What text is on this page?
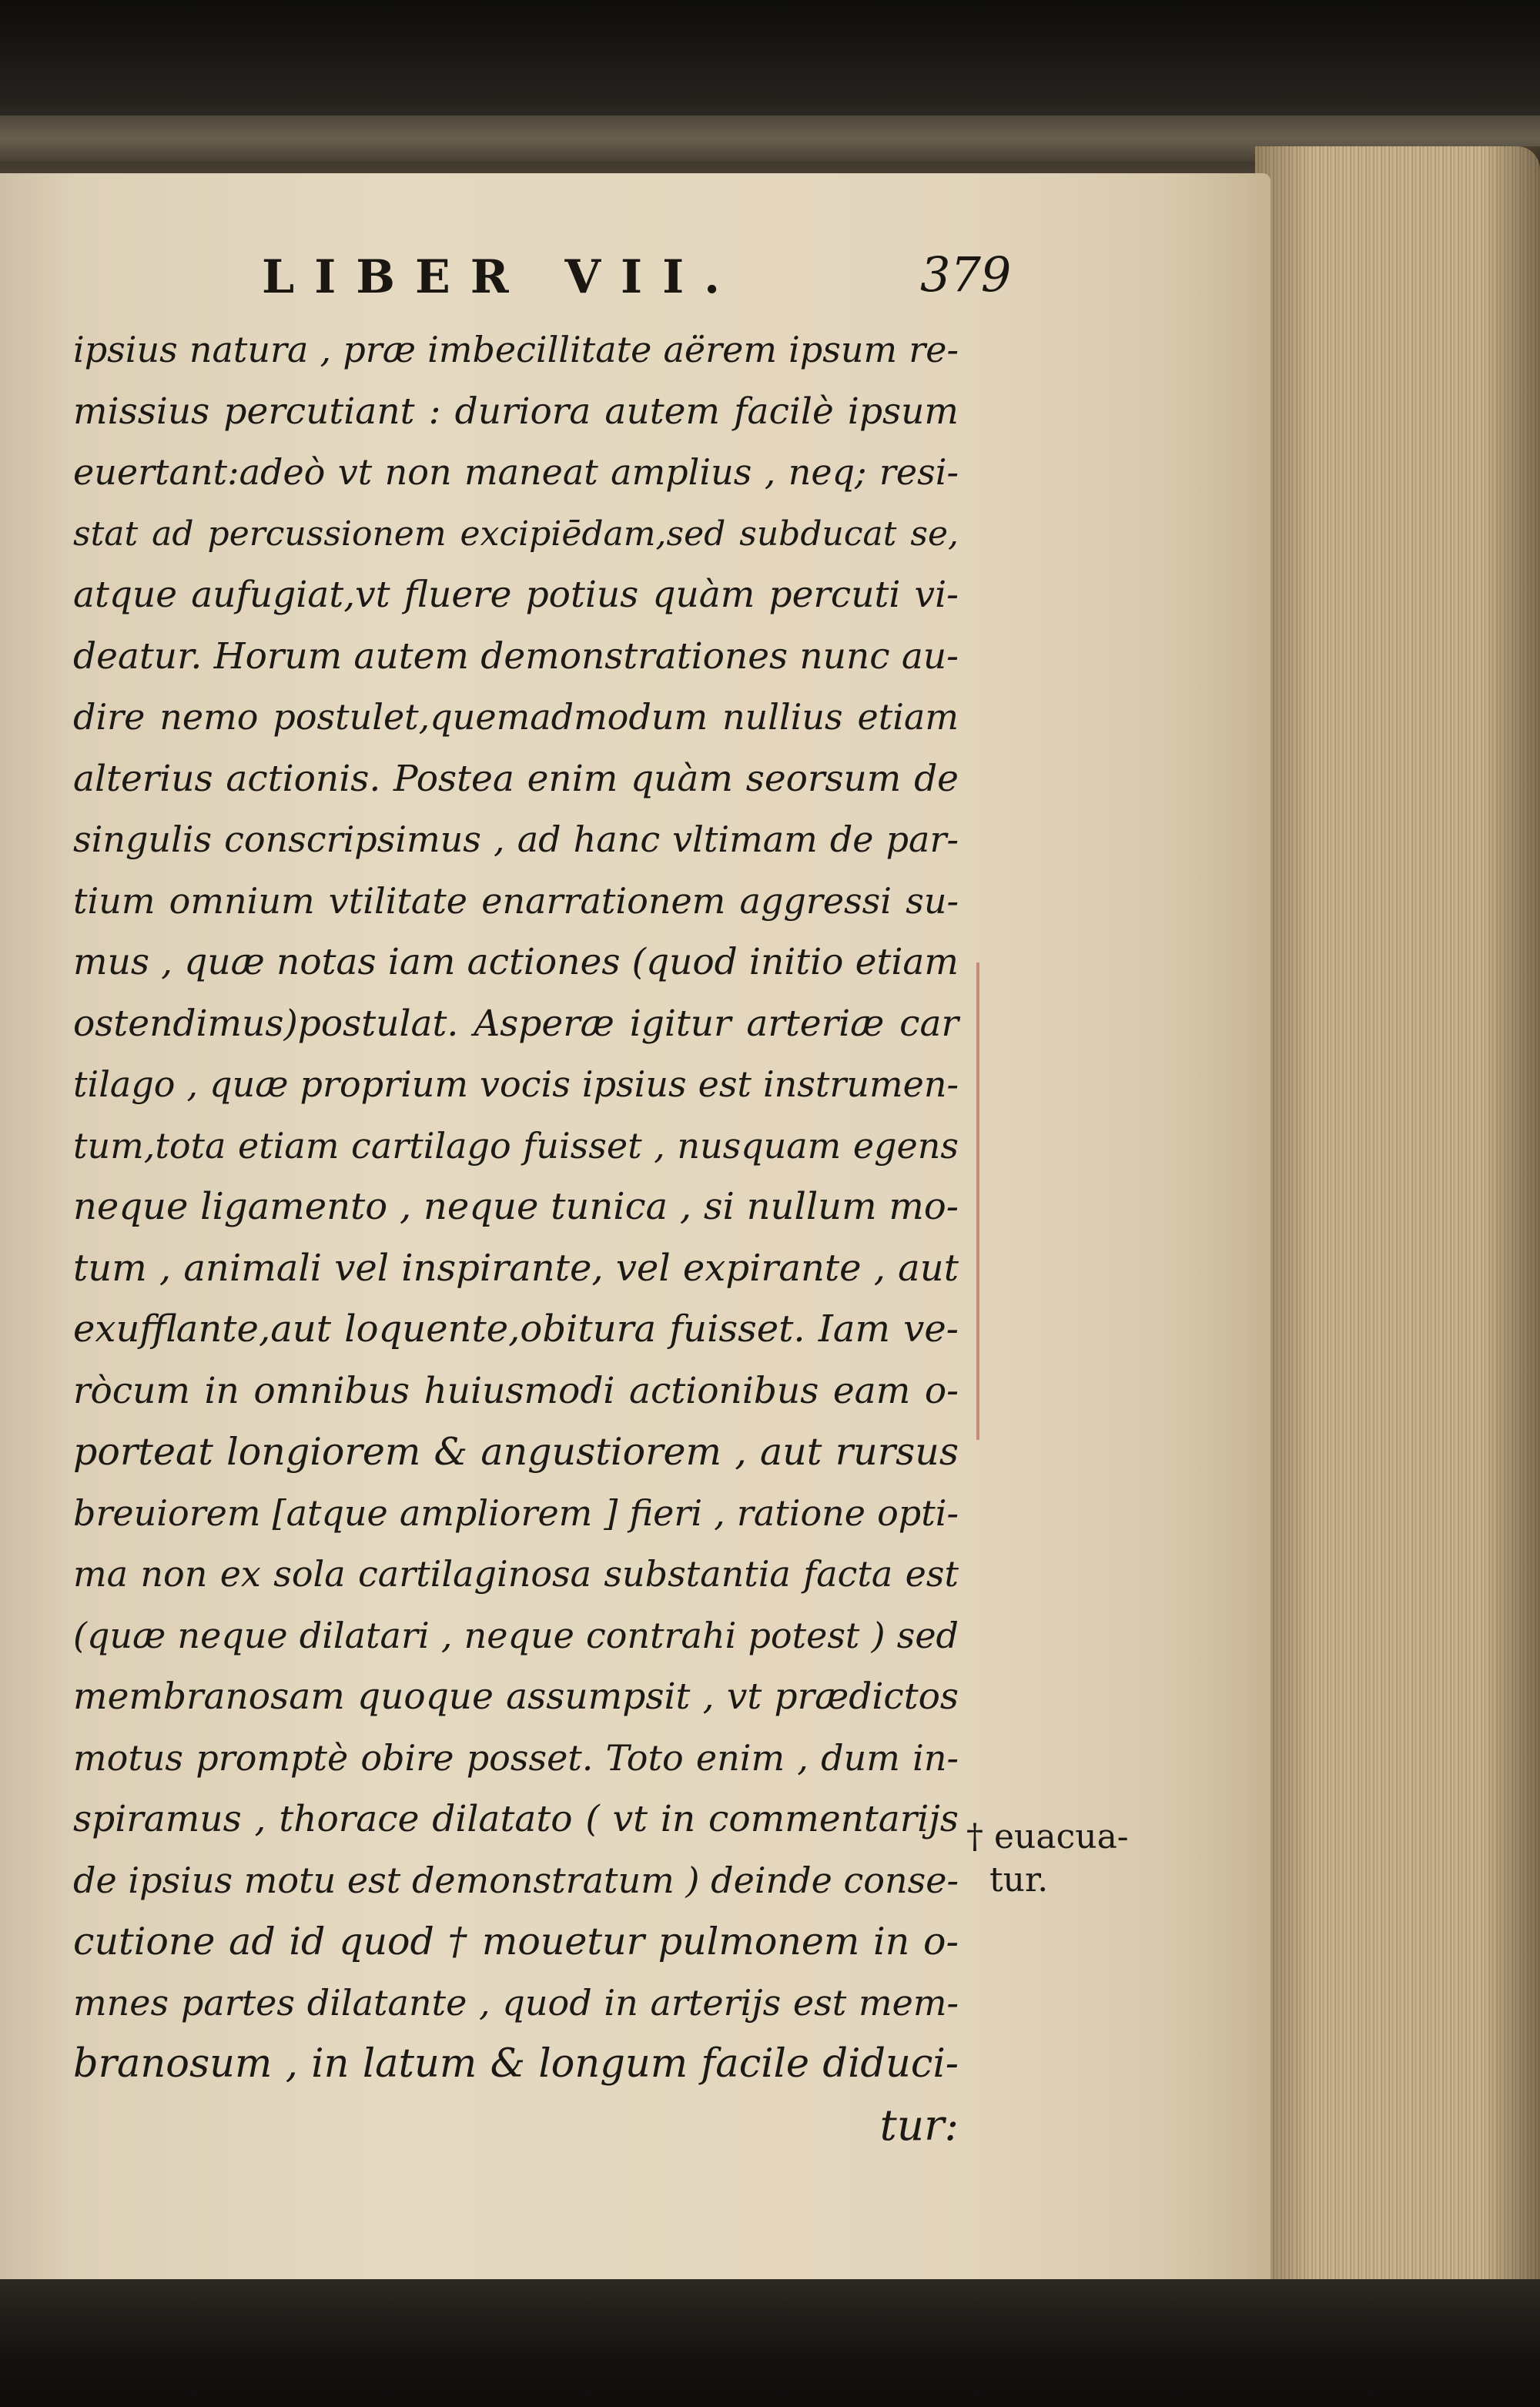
LIBER VII.	379
ipsius natura , præ imbecillitate aërem ipsum re-
missius percutiant : duriora autem facilè ipsum
euertant:adeò vt non maneat amplius , neq; resi-
stat ad percussionem excipiēdam,sed subducat se,
atque aufugiat,vt fluere potius quàm percuti vi-
deatur. Horum autem demonstrationes nunc au-
dire nemo postulet,quemadmodum nullius etiam
alterius actionis. Postea enim quàm seorsum de
singulis conscripsimus , ad hanc vltimam de par-
tium omnium vtilitate enarrationem aggressi su-
mus , quæ notas iam actiones (quod initio etiam
ostendimus)postulat. Asperæ igitur arteriæ car
tilago , quæ proprium vocis ipsius est instrumen-
tum,tota etiam cartilago fuisset , nusquam egens
neque ligamento , neque tunica , si nullum mo-
tum , animali vel inspirante, vel expirante , aut
exufflante,aut loquente,obitura fuisset. Iam ve-
ròcum in omnibus huiusmodi actionibus eam o-
porteat longiorem & angustiorem , aut rursus
breuiorem [atque ampliorem ] fieri , ratione opti-
ma non ex sola cartilaginosa substantia facta est
(quæ neque dilatari , neque contrahi potest ) sed
membranosam quoque assumpsit , vt prædictos
motus promptè obire posset. Toto enim , dum in-
spiramus , thorace dilatato ( vt in commentarijs
de ipsius motu est demonstratum ) deinde conse-
cutione ad id quod † mouetur pulmonem in o-
mnes partes dilatante , quod in arterijs est mem-
branosum , in latum & longum facile diduci-
tur:
† euacua-
tur.
